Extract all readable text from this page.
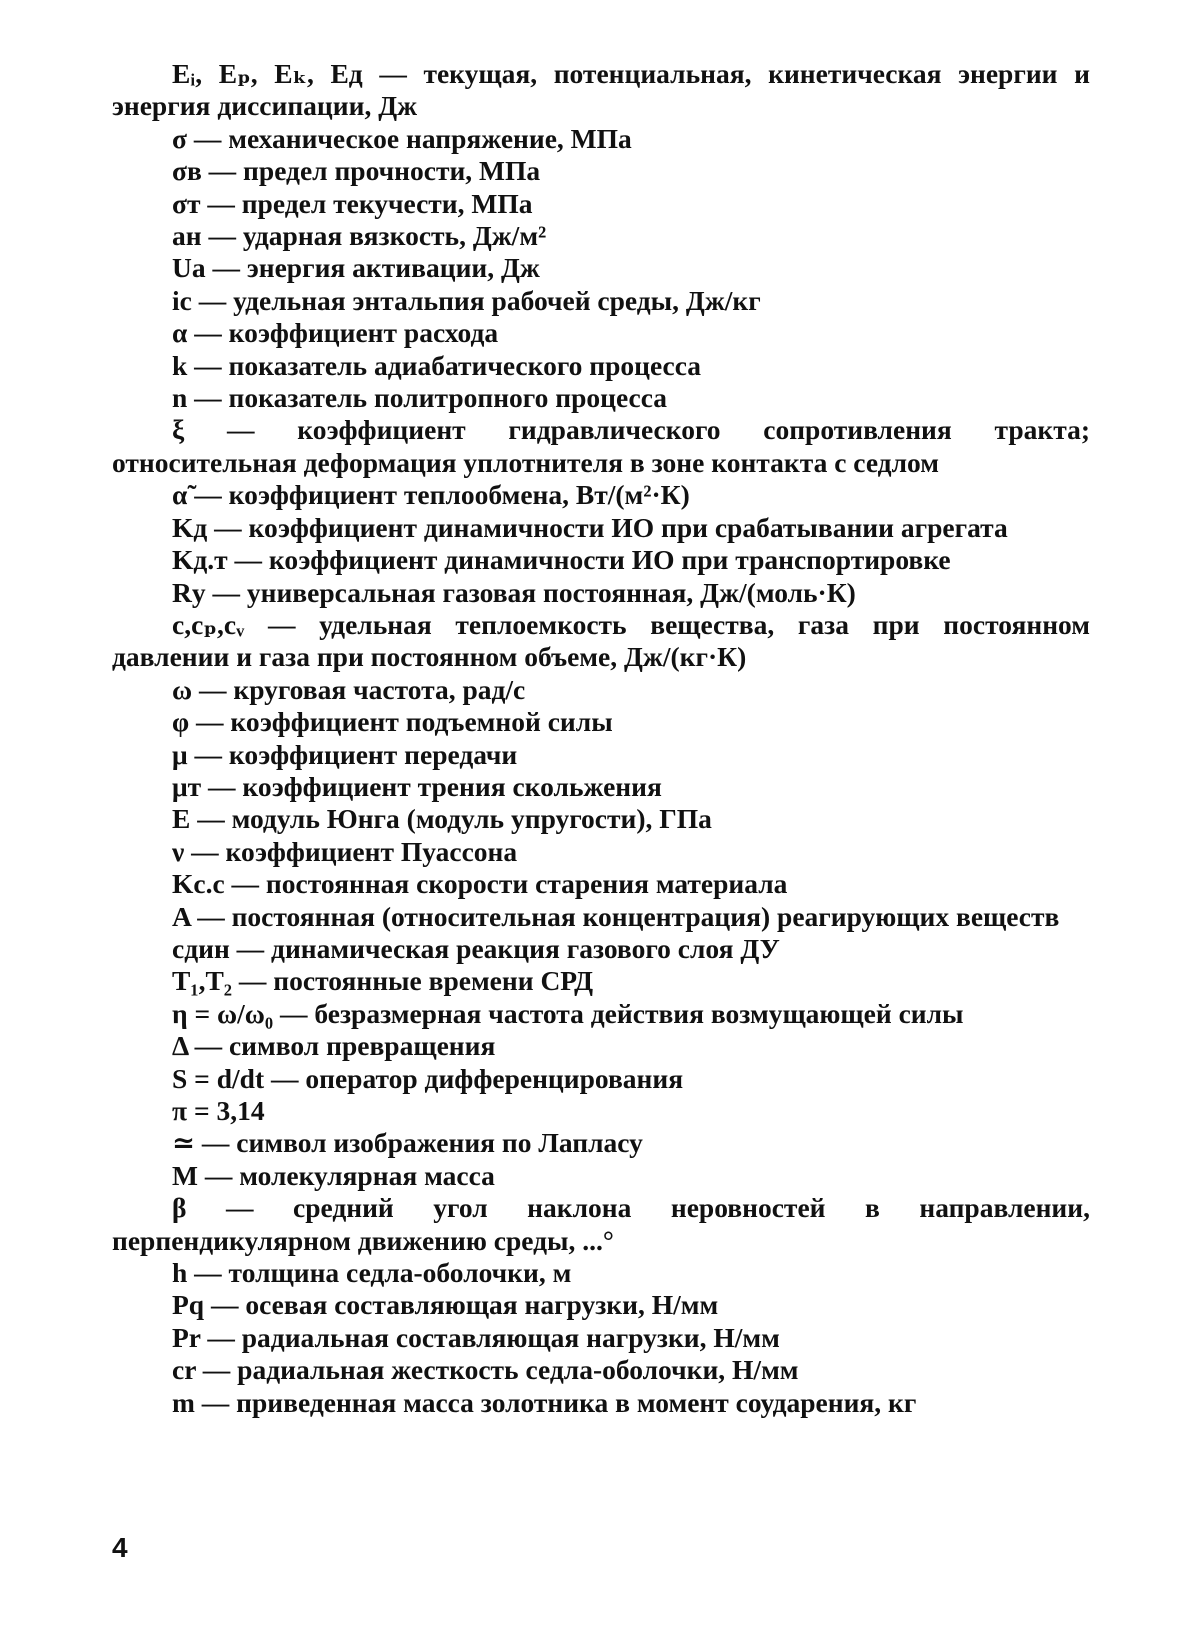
Eᵢ, Eₚ, Eₖ, Eд — текущая, потенциальная, кинетическая энергии и энергия диссипации, Дж

σ — механическое напряжение, МПа

σв — предел прочности, МПа

σт — предел текучести, МПа

aн — ударная вязкость, Дж/м²

Uа — энергия активации, Дж

iс — удельная энтальпия рабочей среды, Дж/кг

α — коэффициент расхода

k — показатель адиабатического процесса

n — показатель политропного процесса

ξ — коэффициент гидравлического сопротивления тракта; относительная деформация уплотнителя в зоне контакта с седлом

α̃ — коэффициент теплообмена, Вт/(м²·К)

Kд — коэффициент динамичности ИО при срабатывании агрегата

Kд.т — коэффициент динамичности ИО при транспортировке

Rу — универсальная газовая постоянная, Дж/(моль·К)

c,cₚ,cᵥ — удельная теплоемкость вещества, газа при постоянном давлении и газа при постоянном объеме, Дж/(кг·К)

ω — круговая частота, рад/с

φ — коэффициент подъемной силы

μ — коэффициент передачи

μт — коэффициент трения скольжения

E — модуль Юнга (модуль упругости), ГПа

ν — коэффициент Пуассона

Kс.с — постоянная скорости старения материала

A — постоянная (относительная концентрация) реагирующих веществ

cдин — динамическая реакция газового слоя ДУ

T₁,T₂ — постоянные времени СРД

η = ω/ω₀ — безразмерная частота действия возмущающей силы

Δ — символ превращения

S = d/dt — оператор дифференцирования

π = 3,14

≃ — символ изображения по Лапласу

M — молекулярная масса

β — средний угол наклона неровностей в направлении, перпендикулярном движению среды, ...°

h — толщина седла-оболочки, м

Pq — осевая составляющая нагрузки, Н/мм

Pr — радиальная составляющая нагрузки, Н/мм

cr — радиальная жесткость седла-оболочки, Н/мм

m — приведенная масса золотника в момент соударения, кг

4
